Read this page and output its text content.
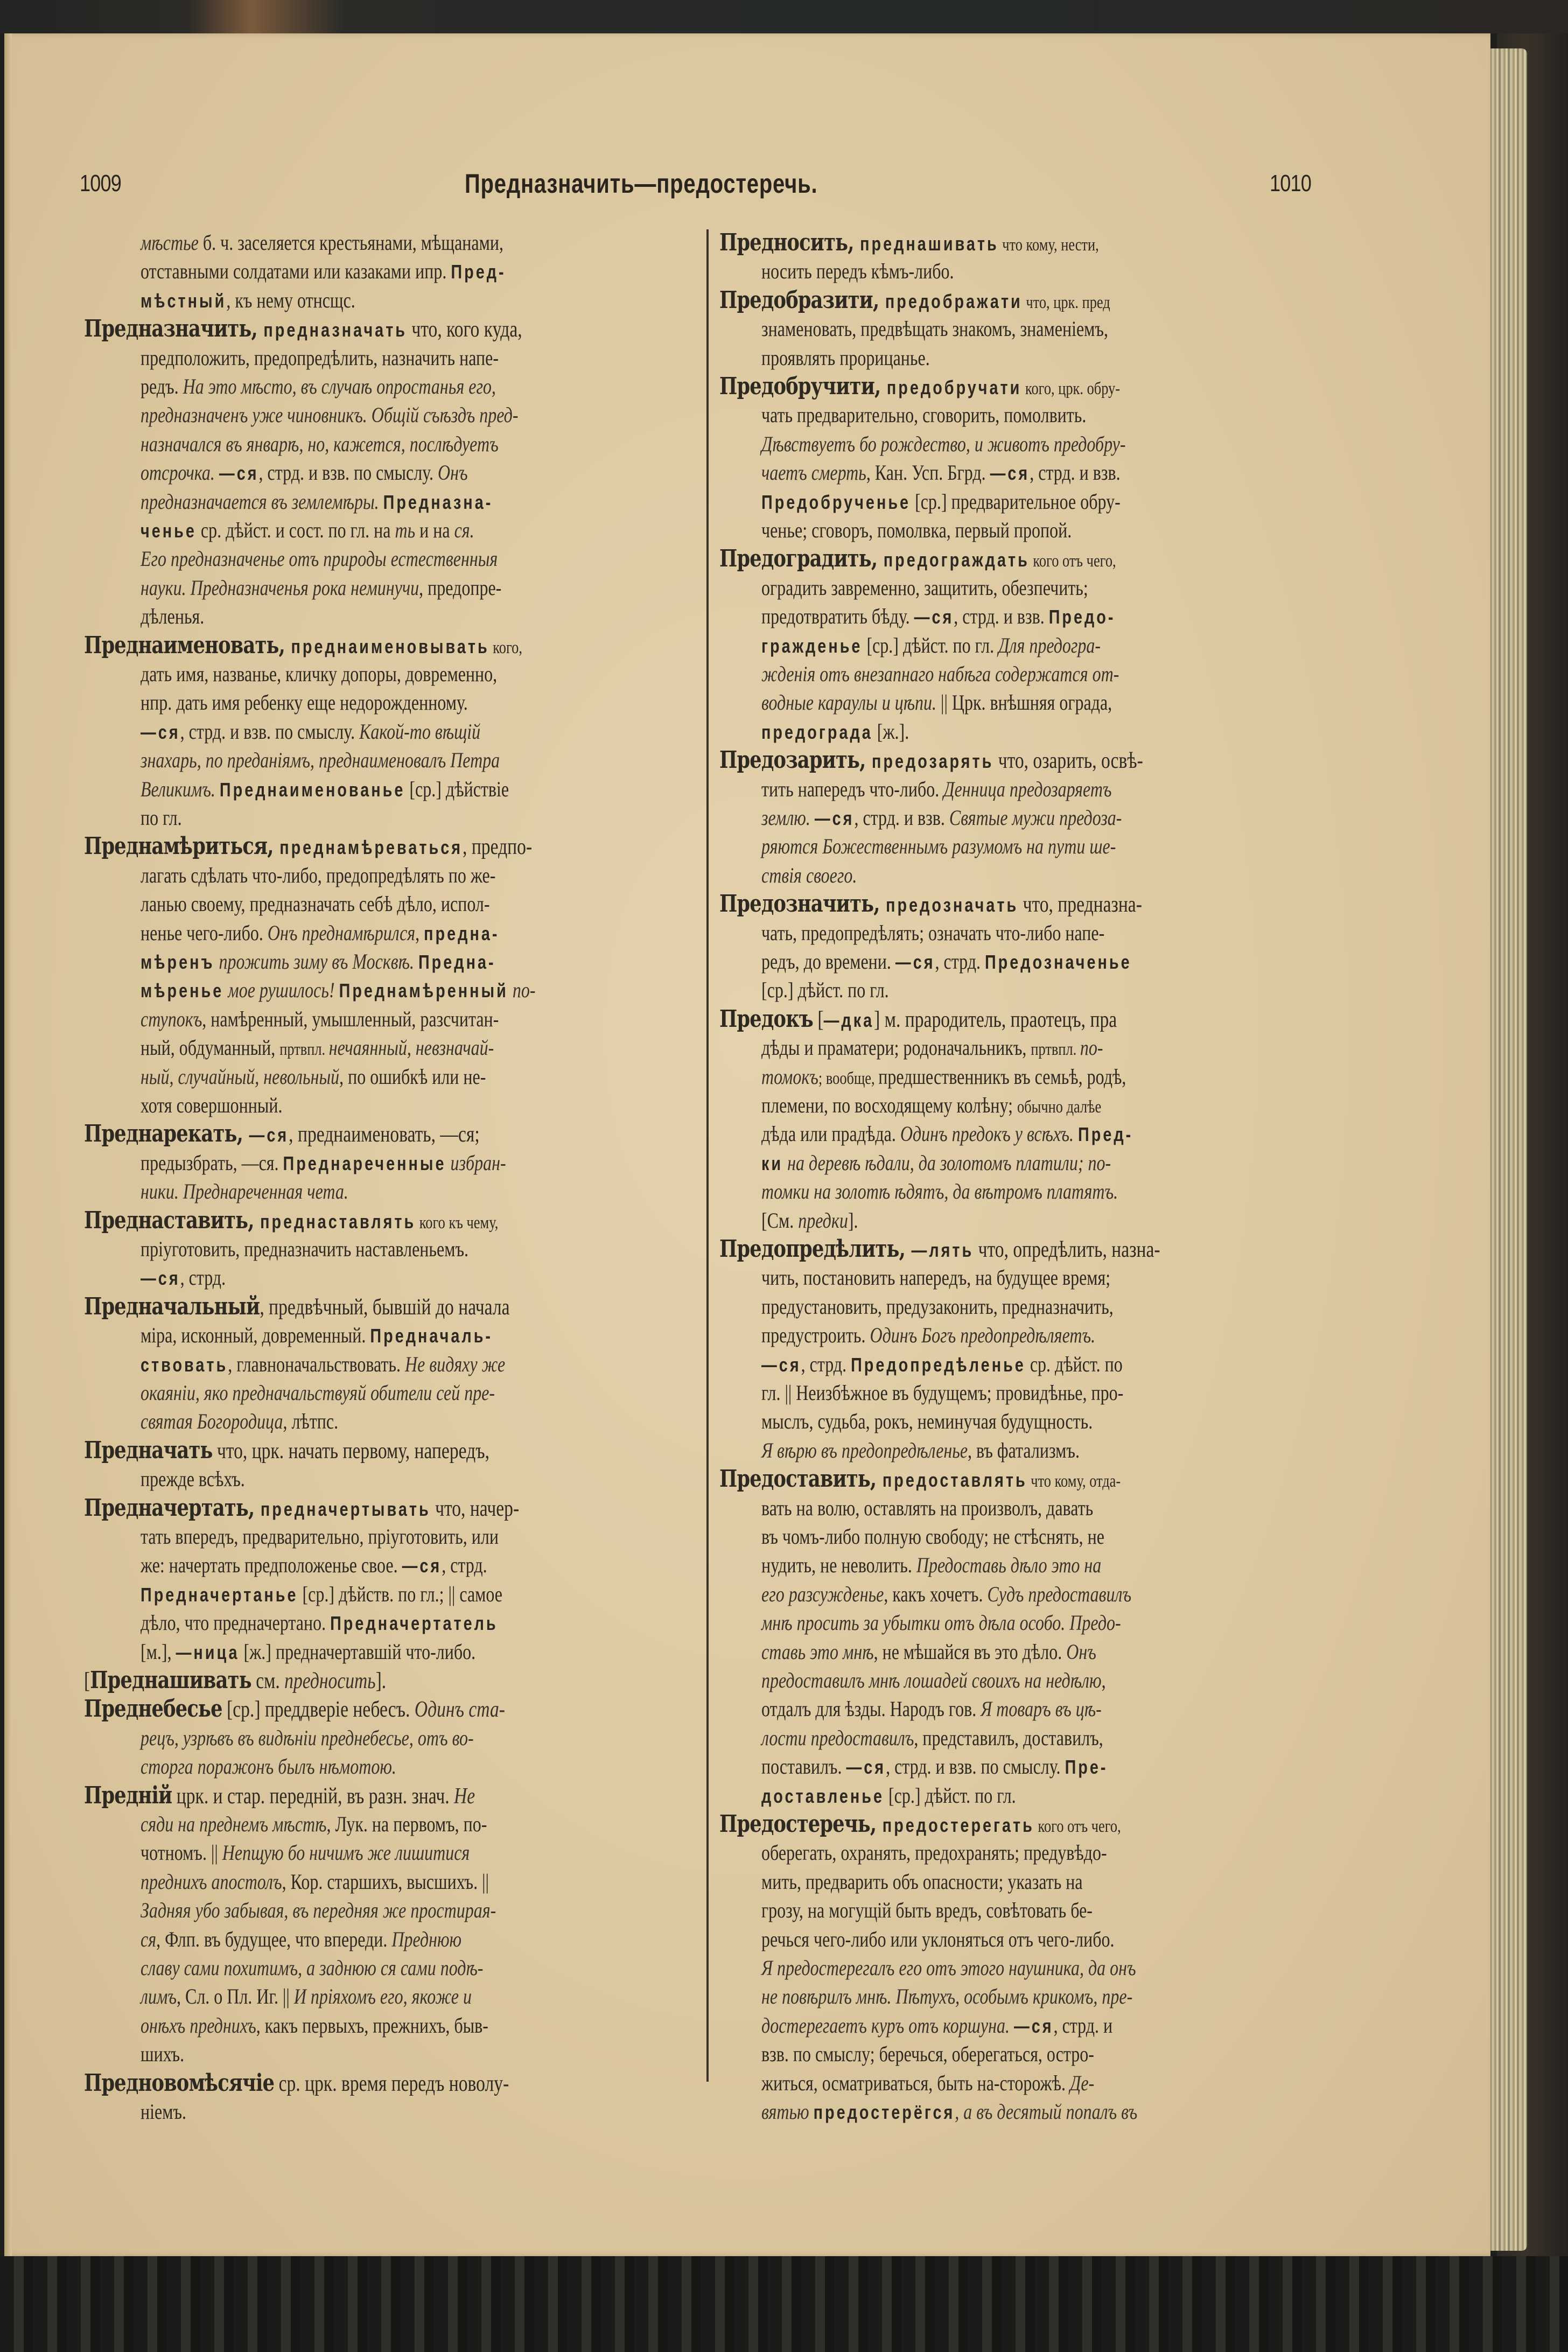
1009	Предназначить—предостеречь.	1010
мѣстье б. ч. заселяется крестьянами, мѣщанами,
отставными солдатами или казаками ипр. Пред-
мѣстный, къ нему отнсщс.
Предназначить, предназначать что, кого куда,
предположить, предопредѣлить, назначить напе-
редъ. На это мѣсто, въ случаѣ опростанья его,
предназначенъ уже чиновникъ. Общій съѣздъ пред-
назначался въ январѣ, но, кажется, послѣдуетъ
отсрочка. —ся, стрд. и взв. по смыслу. Онъ
предназначается въ землемѣры. Предназна-
ченье ср. дѣйст. и сост. по гл. на ть и на ся.
Его предназначенье отъ природы естественныя
науки. Предназначенья рока неминучи, предопре-
дѣленья.
Преднаименовать, преднаименовывать кого,
дать имя, названье, кличку допоры, довременно,
нпр. дать имя ребенку еще недорожденному.
—ся, стрд. и взв. по смыслу. Какой-то вѣщій
знахарь, по преданіямъ, преднаименовалъ Петра
Великимъ. Преднаименованье [ср.] дѣйствіе
по гл.
Преднамѣриться, преднамѣреваться, предпо-
лагать сдѣлать что-либо, предопредѣлять по же-
ланью своему, предназначать себѣ дѣло, испол-
ненье чего-либо. Онъ преднамѣрился, предна-
мѣренъ прожить зиму въ Москвѣ. Предна-
мѣренье мое рушилось! Преднамѣренный по-
ступокъ, намѣренный, умышленный, разсчитан-
ный, обдуманный, пртвпл. нечаянный, невзначай-
ный, случайный, невольный, по ошибкѣ или не-
хотя совершонный.
Преднарекать, —ся, преднаименовать, —ся;
предызбрать, —ся. Преднареченные избран-
ники. Преднареченная чета.
Преднаставить, преднаставлять кого къ чему,
пріуготовить, предназначить наставленьемъ.
—ся, стрд.
Предначальный, предвѣчный, бывшій до начала
міра, исконный, довременный. Предначаль-
ствовать, главноначальствовать. Не видяху же
окаяніи, яко предначальствуяй обители сей пре-
святая Богородица, лѣтпс.
Предначать что, црк. начать первому, напередъ,
прежде всѣхъ.
Предначертать, предначертывать что, начер-
тать впередъ, предварительно, пріуготовить, или
же: начертать предположенье свое. —ся, стрд.
Предначертанье [ср.] дѣйств. по гл.; || самое
дѣло, что предначертано. Предначертатель
[м.], —ница [ж.] предначертавшій что-либо.
[Преднашивать см. предносить].
Преднебесье [ср.] преддверіе небесъ. Одинъ ста-
рецъ, узрѣвъ въ видѣніи преднебесье, отъ во-
сторга поражонъ былъ нѣмотою.
Предній црк. и стар. передній, въ разн. знач. Не
сяди на преднемъ мѣстѣ, Лук. на первомъ, по-
чотномъ. || Непщую бо ничимъ же лишитися
преднихъ апостолъ, Кор. старшихъ, высшихъ. ||
Задняя убо забывая, въ передняя же простирая-
ся, Флп. въ будущее, что впереди. Преднюю
славу сами похитимъ, а заднюю ся сами подѣ-
лимъ, Сл. о Пл. Иг. || И пріяхомъ его, якоже и
онѣхъ преднихъ, какъ первыхъ, прежнихъ, быв-
шихъ.
Предновомѣсячіе ср. црк. время передъ новолу-
ніемъ.
Предносить, преднашивать что кому, нести,
носить передъ кѣмъ-либо.
Предобразити, предображати что, црк. пред
знаменовать, предвѣщать знакомъ, знаменіемъ,
проявлять прорицанье.
Предобручити, предобручати кого, црк. обру-
чать предварительно, сговорить, помолвить.
Дѣвствуетъ бо рождество, и животъ предобру-
чаетъ смерть, Кан. Усп. Бгрд. —ся, стрд. и взв.
Предобрученье [ср.] предварительное обру-
ченье; сговоръ, помолвка, первый пропой.
Предоградить, предограждать кого отъ чего,
оградить завременно, защитить, обезпечить;
предотвратить бѣду. —ся, стрд. и взв. Предо-
гражденье [ср.] дѣйст. по гл. Для предогра-
жденія отъ внезапнаго набѣга содержатся от-
водные караулы и цѣпи. || Црк. внѣшняя ограда,
предограда [ж.].
Предозарить, предозарять что, озарить, освѣ-
тить напередъ что-либо. Денница предозаряетъ
землю. —ся, стрд. и взв. Святые мужи предоза-
ряются Божественнымъ разумомъ на пути ше-
ствія своего.
Предозначить, предозначать что, предназна-
чать, предопредѣлять; означать что-либо напе-
редъ, до времени. —ся, стрд. Предозначенье
[ср.] дѣйст. по гл.
Предокъ [—дка] м. прародитель, праотецъ, пра
дѣды и праматери; родоначальникъ, пртвпл. по-
томокъ; вообще, предшественникъ въ семьѣ, родѣ,
племени, по восходящему колѣну; обычно далѣе
дѣда или прадѣда. Одинъ предокъ у всѣхъ. Пред-
ки на деревѣ ѣдали, да золотомъ платили; по-
томки на золотѣ ѣдятъ, да вѣтромъ платятъ.
[См. предки].
Предопредѣлить, —лять что, опредѣлить, назна-
чить, постановить напередъ, на будущее время;
предустановить, предузаконить, предназначить,
предустроить. Одинъ Богъ предопредѣляетъ.
—ся, стрд. Предопредѣленье ср. дѣйст. по
гл. || Неизбѣжное въ будущемъ; провидѣнье, про-
мыслъ, судьба, рокъ, неминучая будущность.
Я вѣрю въ предопредѣленье, въ фатализмъ.
Предоставить, предоставлять что кому, отда-
вать на волю, оставлять на произволъ, давать
въ чомъ-либо полную свободу; не стѣснять, не
нудить, не неволить. Предоставь дѣло это на
его разсужденье, какъ хочетъ. Судъ предоставилъ
мнѣ просить за убытки отъ дѣла особо. Предо-
ставь это мнѣ, не мѣшайся въ это дѣло. Онъ
предоставилъ мнѣ лошадей своихъ на недѣлю,
отдалъ для ѣзды. Народъ гов. Я товаръ въ цѣ-
лости предоставилъ, представилъ, доставилъ,
поставилъ. —ся, стрд. и взв. по смыслу. Пре-
доставленье [ср.] дѣйст. по гл.
Предостеречь, предостерегать кого отъ чего,
оберегать, охранять, предохранять; предувѣдо-
мить, предварить объ опасности; указать на
грозу, на могущій быть вредъ, совѣтовать бе-
речься чего-либо или уклоняться отъ чего-либо.
Я предостерегалъ его отъ этого наушника, да онъ
не повѣрилъ мнѣ. Пѣтухъ, особымъ крикомъ, пре-
достерегаетъ куръ отъ коршуна. —ся, стрд. и
взв. по смыслу; беречься, оберегаться, остро-
житься, осматриваться, быть на-сторожѣ. Де-
вятью предостерёгся, а въ десятый попалъ въ
